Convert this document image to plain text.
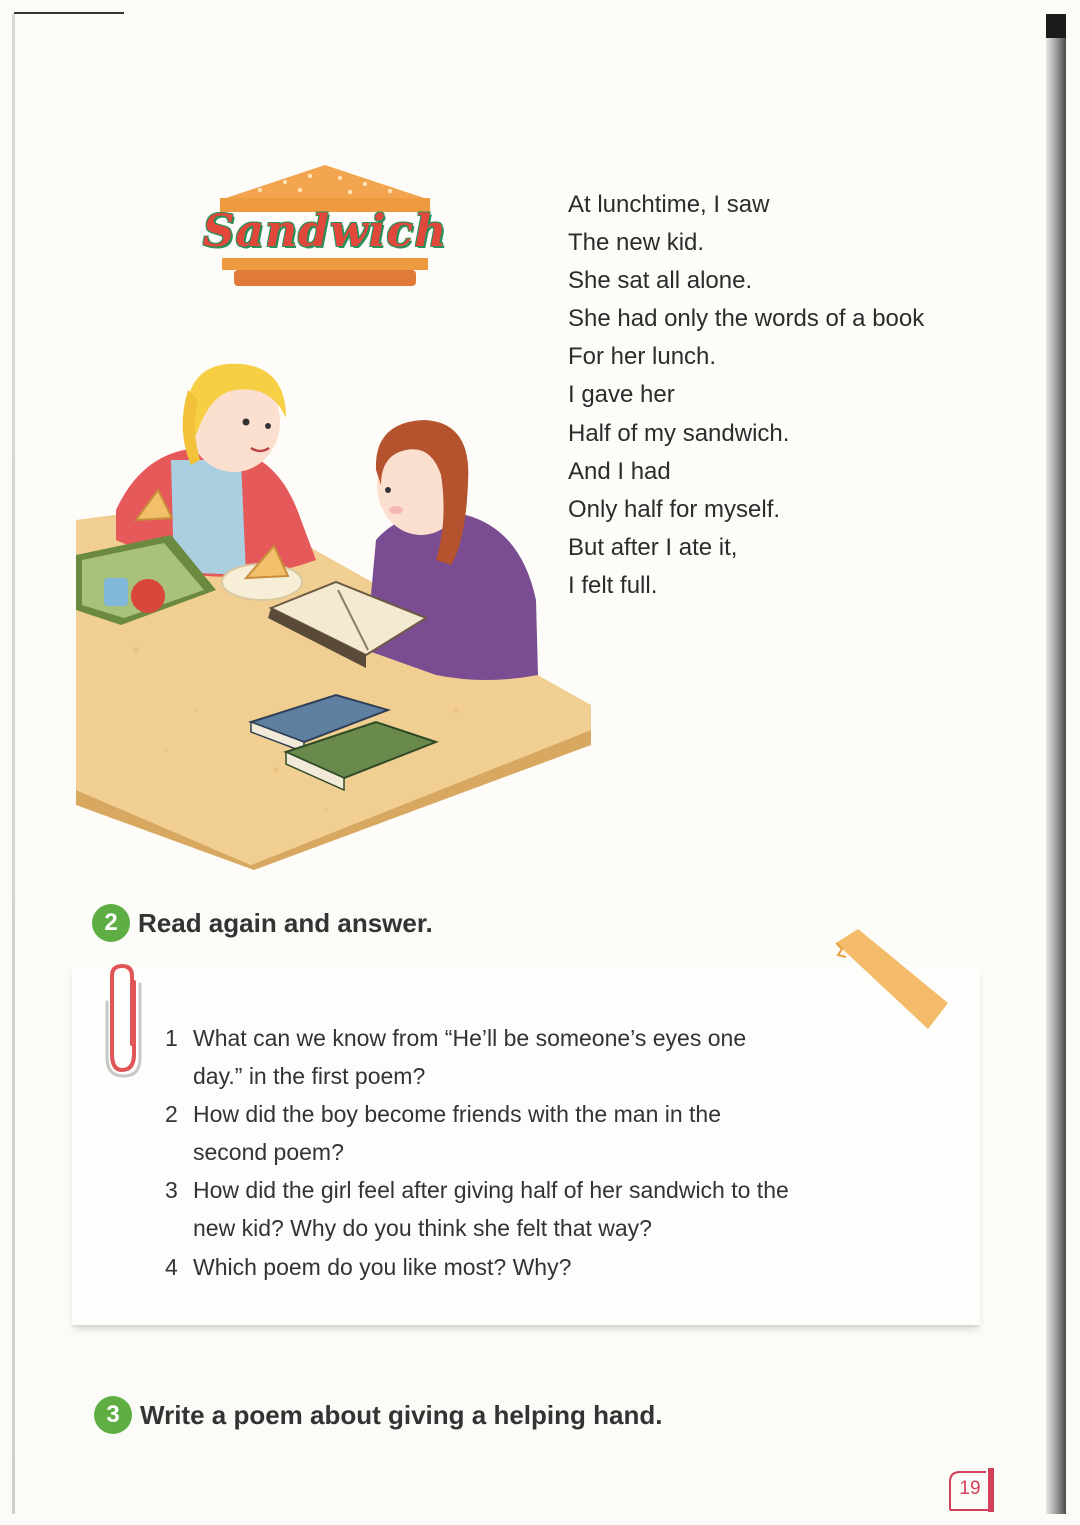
Sandwich
At lunchtime, I saw
The new kid.
She sat all alone.
She had only the words of a book
For her lunch.
I gave her
Half of my sandwich.
And I had
Only half for myself.
But after I ate it,
I felt full.
2 Read again and answer.
1 What can we know from “He’ll be someone’s eyes one
day.” in the first poem?
2 How did the boy become friends with the man in the
second poem?
3 How did the girl feel after giving half of her sandwich to the
new kid? Why do you think she felt that way?
4 Which poem do you like most? Why?
3 Write a poem about giving a helping hand.
19
